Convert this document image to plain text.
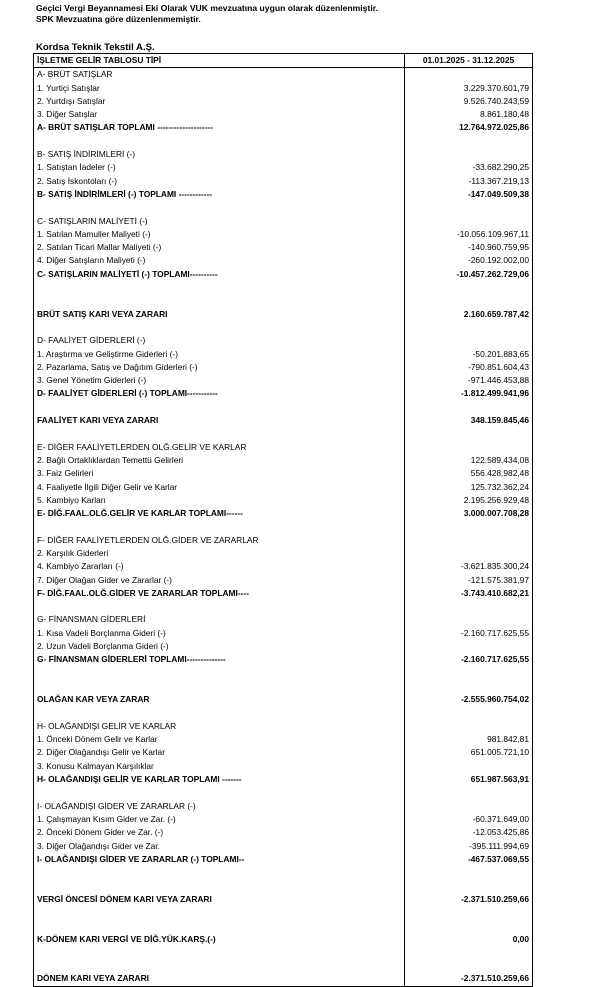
Geçici Vergi Beyannamesi Eki Olarak VUK mevzuatına uygun olarak düzenlenmiştir.
SPK Mevzuatına göre düzenlenmemiştir.
Kordsa Teknik Tekstil A.Ş.
İŞLETME GELİR TABLOSU TİPİ	01.01.2025 - 31.12.2025
A- BRÜT SATIŞLAR	
1. Yurtiçi Satışlar	3.229.370.601,79
2. Yurtdışı Satışlar	9.526.740.243,59
3. Diğer Satışlar	8.861.180,48
A- BRÜT SATIŞLAR TOPLAMI --------------------	12.764.972.025,86

B- SATIŞ İNDİRİMLERİ (-)	
1. Satıştan İadeler (-)	-33.682.290,25
2. Satış İskontoları (-)	-113.367.219,13
B- SATIŞ İNDİRİMLERİ (-) TOPLAMI ------------	-147.049.509,38

C- SATIŞLARIN MALİYETİ (-)	
1. Satılan Mamuller Maliyeti (-)	-10.056.109.967,11
2. Satılan Ticari Mallar Maliyeti (-)	-140.960.759,95
4. Diğer Satışların Maliyeti (-)	-260.192.002,00
C- SATIŞLARIN MALİYETİ (-) TOPLAMI----------	-10.457.262.729,06

BRÜT SATIŞ KARI VEYA ZARARI	2.160.659.787,42

D- FAALİYET GİDERLERİ (-)	
1. Araştırma ve Geliştirme Giderleri (-)	-50.201.883,65
2. Pazarlama, Satış ve Dağıtım Giderleri (-)	-790.851.604,43
3. Genel Yönetim Giderleri (-)	-971.446.453,88
D- FAALİYET GİDERLERİ (-) TOPLAMI-----------	-1.812.499.941,96

FAALİYET KARI VEYA ZARARI	348.159.845,46

E- DİĞER FAALİYETLERDEN OLĞ.GELİR VE KARLAR	
2. Bağlı Ortaklıklardan Temettü Gelirleri	122.589.434,08
3. Faiz Gelirleri	556.428.982,48
4. Faaliyetle İlgili Diğer Gelir ve Karlar	125.732.362,24
5. Kambiyo Karları	2.195.256.929,48
E- DİĞ.FAAL.OLĞ.GELİR VE KARLAR TOPLAMI------	3.000.007.708,28

F- DİĞER FAALİYETLERDEN OLĞ.GİDER VE ZARARLAR	
2. Karşılık Giderleri	
4. Kambiyo Zararları (-)	-3.621.835.300,24
7. Diğer Olağan Gider ve Zararlar (-)	-121.575.381,97
F- DİĞ.FAAL.OLĞ.GİDER VE ZARARLAR TOPLAMI----	-3.743.410.682,21

G- FİNANSMAN GİDERLERİ	
1. Kısa Vadeli Borçlanma Gideri (-)	-2.160.717.625,55
2. Uzun Vadeli Borçlanma Gideri (-)	
G- FİNANSMAN GİDERLERİ TOPLAMI--------------	-2.160.717.625,55

OLAĞAN KAR VEYA ZARAR	-2.555.960.754,02

H- OLAĞANDIŞI GELİR VE KARLAR	
1. Önceki Dönem Gelir ve Karlar	981.842,81
2. Diğer Olağandışı Gelir ve Karlar	651.005.721,10
3. Konusu Kalmayan Karşılıklar	
H- OLAĞANDIŞI GELİR VE KARLAR TOPLAMI -------	651.987.563,91

I- OLAĞANDIŞI GİDER VE ZARARLAR (-)	
1. Çalışmayan Kısım Gider ve Zar. (-)	-60.371.649,00
2. Önceki Dönem Gider ve Zar. (-)	-12.053.425,86
3. Diğer Olağandışı Gider ve Zar.	-395.111.994,69
I- OLAĞANDIŞI GİDER VE ZARARLAR (-) TOPLAMI--	-467.537.069,55

VERGİ ÖNCESİ DÖNEM KARI VEYA ZARARI	-2.371.510.259,66

K-DÖNEM KARI VERGİ VE DİĞ.YÜK.KARŞ.(-)	0,00

DÖNEM KARI VEYA ZARARI	-2.371.510.259,66
